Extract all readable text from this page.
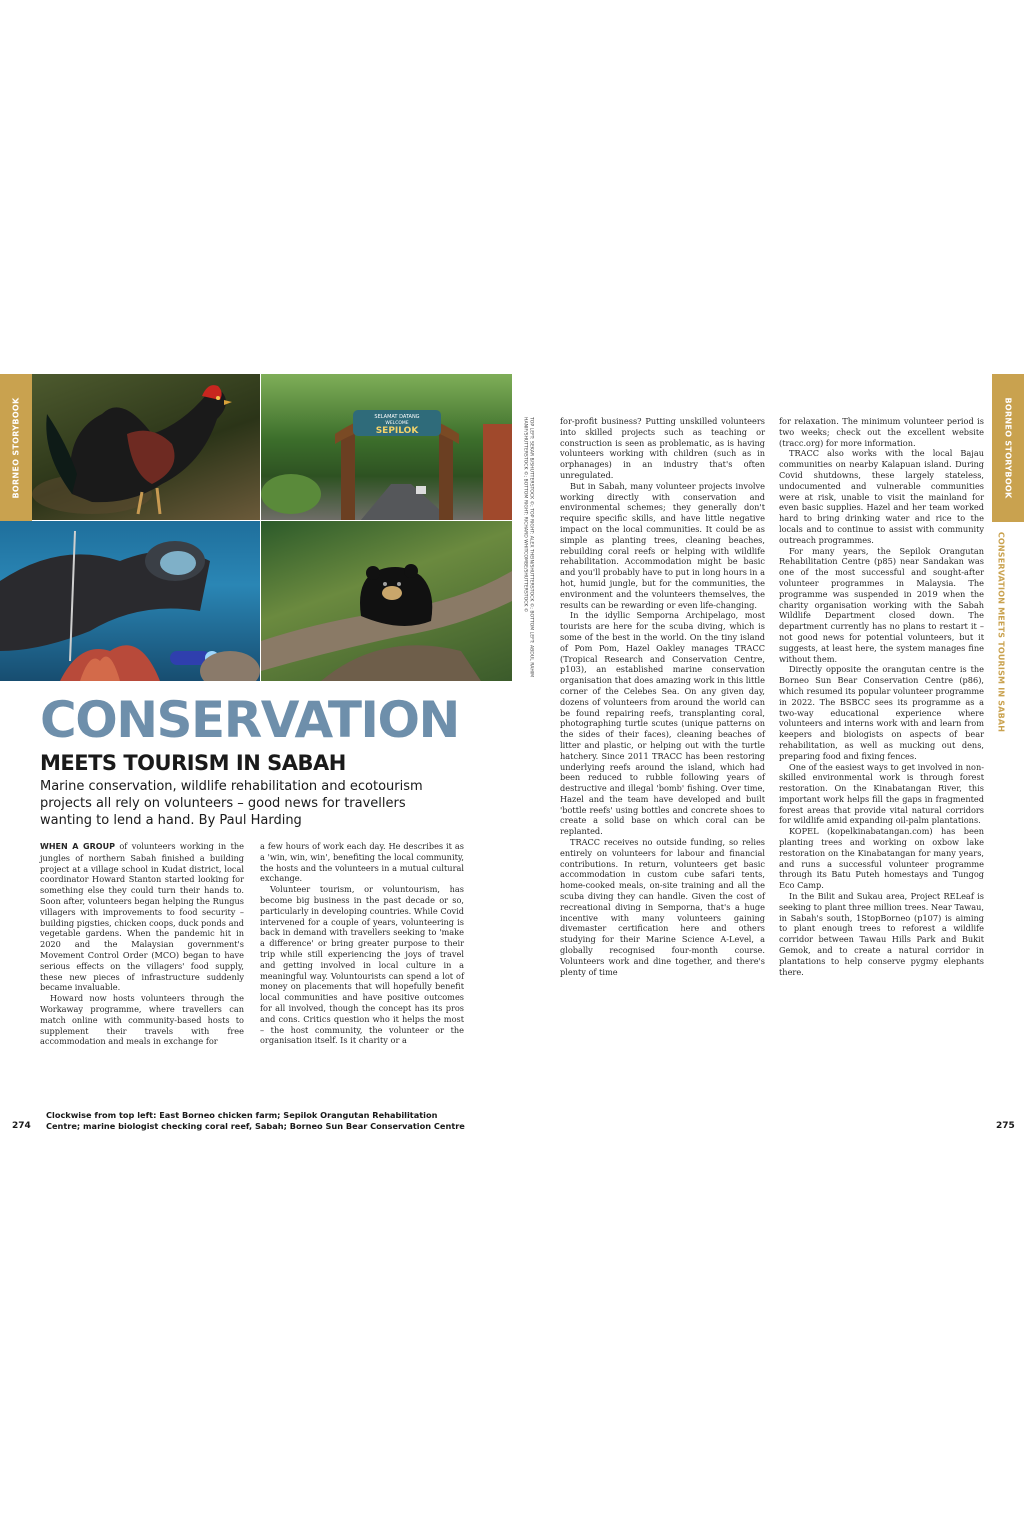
BORNEO STORYBOOK	BORNEO STORYBOOK
CONSERVATION MEETS TOURISM IN SABAH
SELAMAT DATANG
WELCOME
SEPILOK	TOP LEFT: SEKAR B/SHUTTERSTOCK ©; TOP RIGHT: ALEX THEIN/SHUTTERSTOCK ©; BOTTOM LEFT: ABDUL RAHIM HANIF/SHUTTERSTOCK ©; BOTTOM RIGHT: RICHARD WHITCOMBE/SHUTTERSTOCK ©
CONSERVATION
MEETS TOURISM IN SABAH
Marine conservation, wildlife rehabilitation and ecotourism projects all rely on volunteers – good news for travellers wanting to lend a hand. By Paul Harding

WHEN A GROUP of volunteers working in the jungles of northern Sabah finished a building project at a village school in Kudat district, local coordinator Howard Stanton started looking for something else they could turn their hands to. Soon after, volunteers began helping the Rungus villagers with improvements to food security – building pigsties, chicken coops, duck ponds and vegetable gardens. When the pandemic hit in 2020 and the Malaysian government's Movement Control Order (MCO) began to have serious effects on the villagers' food supply, these new pieces of infrastructure suddenly became invaluable.

Howard now hosts volunteers through the Workaway programme, where travellers can match online with community-based hosts to supplement their travels with free accommodation and meals in exchange for

a few hours of work each day. He describes it as a 'win, win, win', benefiting the local community, the hosts and the volunteers in a mutual cultural exchange.

Volunteer tourism, or voluntourism, has become big business in the past decade or so, particularly in developing countries. While Covid intervened for a couple of years, volunteering is back in demand with travellers seeking to 'make a difference' or bring greater purpose to their trip while still experiencing the joys of travel and getting involved in local culture in a meaningful way. Voluntourists can spend a lot of money on placements that will hopefully benefit local communities and have positive outcomes for all involved, though the concept has its pros and cons. Critics question who it helps the most – the host community, the volunteer or the organisation itself. Is it charity or a

for-profit business? Putting unskilled volunteers into skilled projects such as teaching or construction is seen as problematic, as is having volunteers working with children (such as in orphanages) in an industry that's often unregulated.

But in Sabah, many volunteer projects involve working directly with conservation and environmental schemes; they generally don't require specific skills, and have little negative impact on the local communities. It could be as simple as planting trees, cleaning beaches, rebuilding coral reefs or helping with wildlife rehabilitation. Accommodation might be basic and you'll probably have to put in long hours in a hot, humid jungle, but for the communities, the environment and the volunteers themselves, the results can be rewarding or even life-changing.

In the idyllic Semporna Archipelago, most tourists are here for the scuba diving, which is some of the best in the world. On the tiny island of Pom Pom, Hazel Oakley manages TRACC (Tropical Research and Conservation Centre, p103), an established marine conservation organisation that does amazing work in this little corner of the Celebes Sea. On any given day, dozens of volunteers from around the world can be found repairing reefs, transplanting coral, photographing turtle scutes (unique patterns on the sides of their faces), cleaning beaches of litter and plastic, or helping out with the turtle hatchery. Since 2011 TRACC has been restoring underlying reefs around the island, which had been reduced to rubble following years of destructive and illegal 'bomb' fishing. Over time, Hazel and the team have developed and built 'bottle reefs' using bottles and concrete shoes to create a solid base on which coral can be replanted.

TRACC receives no outside funding, so relies entirely on volunteers for labour and financial contributions. In return, volunteers get basic accommodation in custom cube safari tents, home-cooked meals, on-site training and all the scuba diving they can handle. Given the cost of recreational diving in Semporna, that's a huge incentive with many volunteers gaining divemaster certification here and others studying for their Marine Science A-Level, a globally recognised four-month course. Volunteers work and dine together, and there's plenty of time

for relaxation. The minimum volunteer period is two weeks; check out the excellent website (tracc.org) for more information.

TRACC also works with the local Bajau communities on nearby Kalapuan island. During Covid shutdowns, these largely stateless, undocumented and vulnerable communities were at risk, unable to visit the mainland for even basic supplies. Hazel and her team worked hard to bring drinking water and rice to the locals and to continue to assist with community outreach programmes.

For many years, the Sepilok Orangutan Rehabilitation Centre (p85) near Sandakan was one of the most successful and sought-after volunteer programmes in Malaysia. The programme was suspended in 2019 when the charity organisation working with the Sabah Wildlife Department closed down. The department currently has no plans to restart it – not good news for potential volunteers, but it suggests, at least here, the system manages fine without them.

Directly opposite the orangutan centre is the Borneo Sun Bear Conservation Centre (p86), which resumed its popular volunteer programme in 2022. The BSBCC sees its programme as a two-way educational experience where volunteers and interns work with and learn from keepers and biologists on aspects of bear rehabilitation, as well as mucking out dens, preparing food and fixing fences.

One of the easiest ways to get involved in non-skilled environmental work is through forest restoration. On the Kinabatangan River, this important work helps fill the gaps in fragmented forest areas that provide vital natural corridors for wildlife amid expanding oil-palm plantations.

KOPEL (kopelkinabatangan.com) has been planting trees and working on oxbow lake restoration on the Kinabatangan for many years, and runs a successful volunteer programme through its Batu Puteh homestays and Tungog Eco Camp.

In the Bilit and Sukau area, Project RELeaf is seeking to plant three million trees. Near Tawau, in Sabah's south, 1StopBorneo (p107) is aiming to plant enough trees to reforest a wildlife corridor between Tawau Hills Park and Bukit Gemok, and to create a natural corridor in plantations to help conserve pygmy elephants there.

Clockwise from top left: East Borneo chicken farm; Sepilok Orangutan Rehabilitation Centre; marine biologist checking coral reef, Sabah; Borneo Sun Bear Conservation Centre
274	275
